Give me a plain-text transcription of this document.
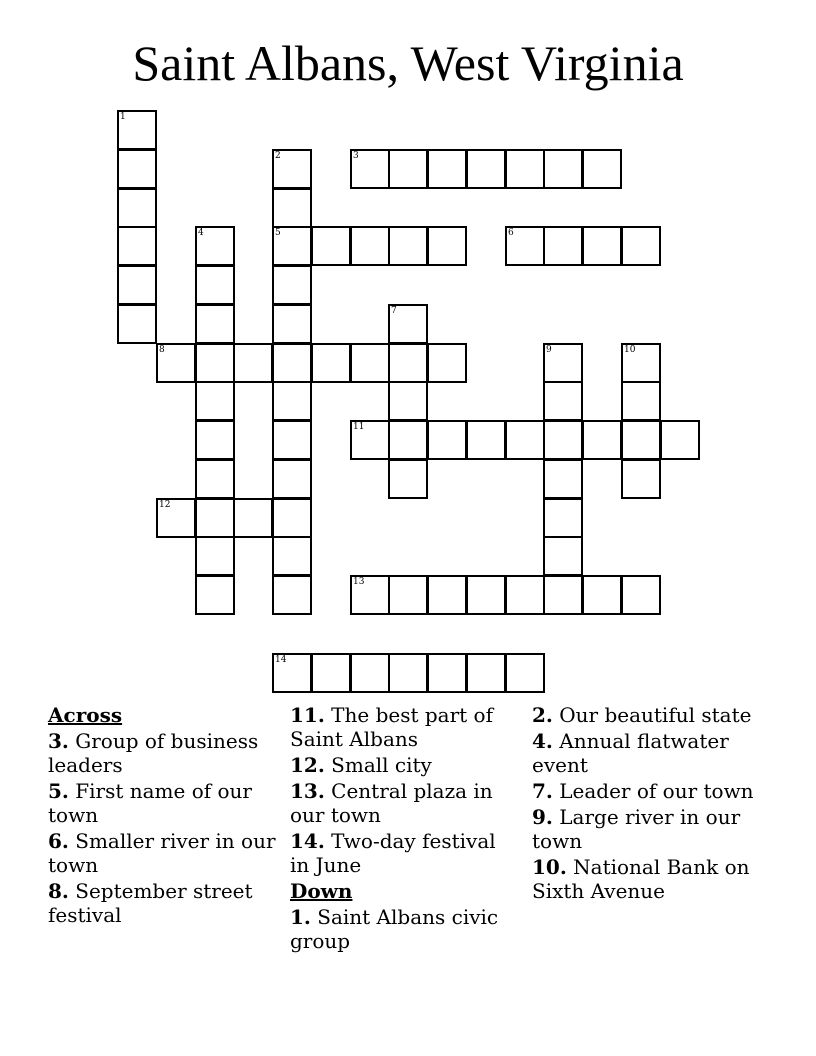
Saint Albans, West Virginia
1
2	3
4	5	6
7
8	9	10
11
12
13
14
Across
3. Group of business leaders
5. First name of our town
6. Smaller river in our town
8. September street festival
11. The best part of Saint Albans
12. Small city
13. Central plaza in our town
14. Two-day festival in June
Down
1. Saint Albans civic group
2. Our beautiful state
4. Annual flatwater event
7. Leader of our town
9. Large river in our town
10. National Bank on Sixth Avenue
